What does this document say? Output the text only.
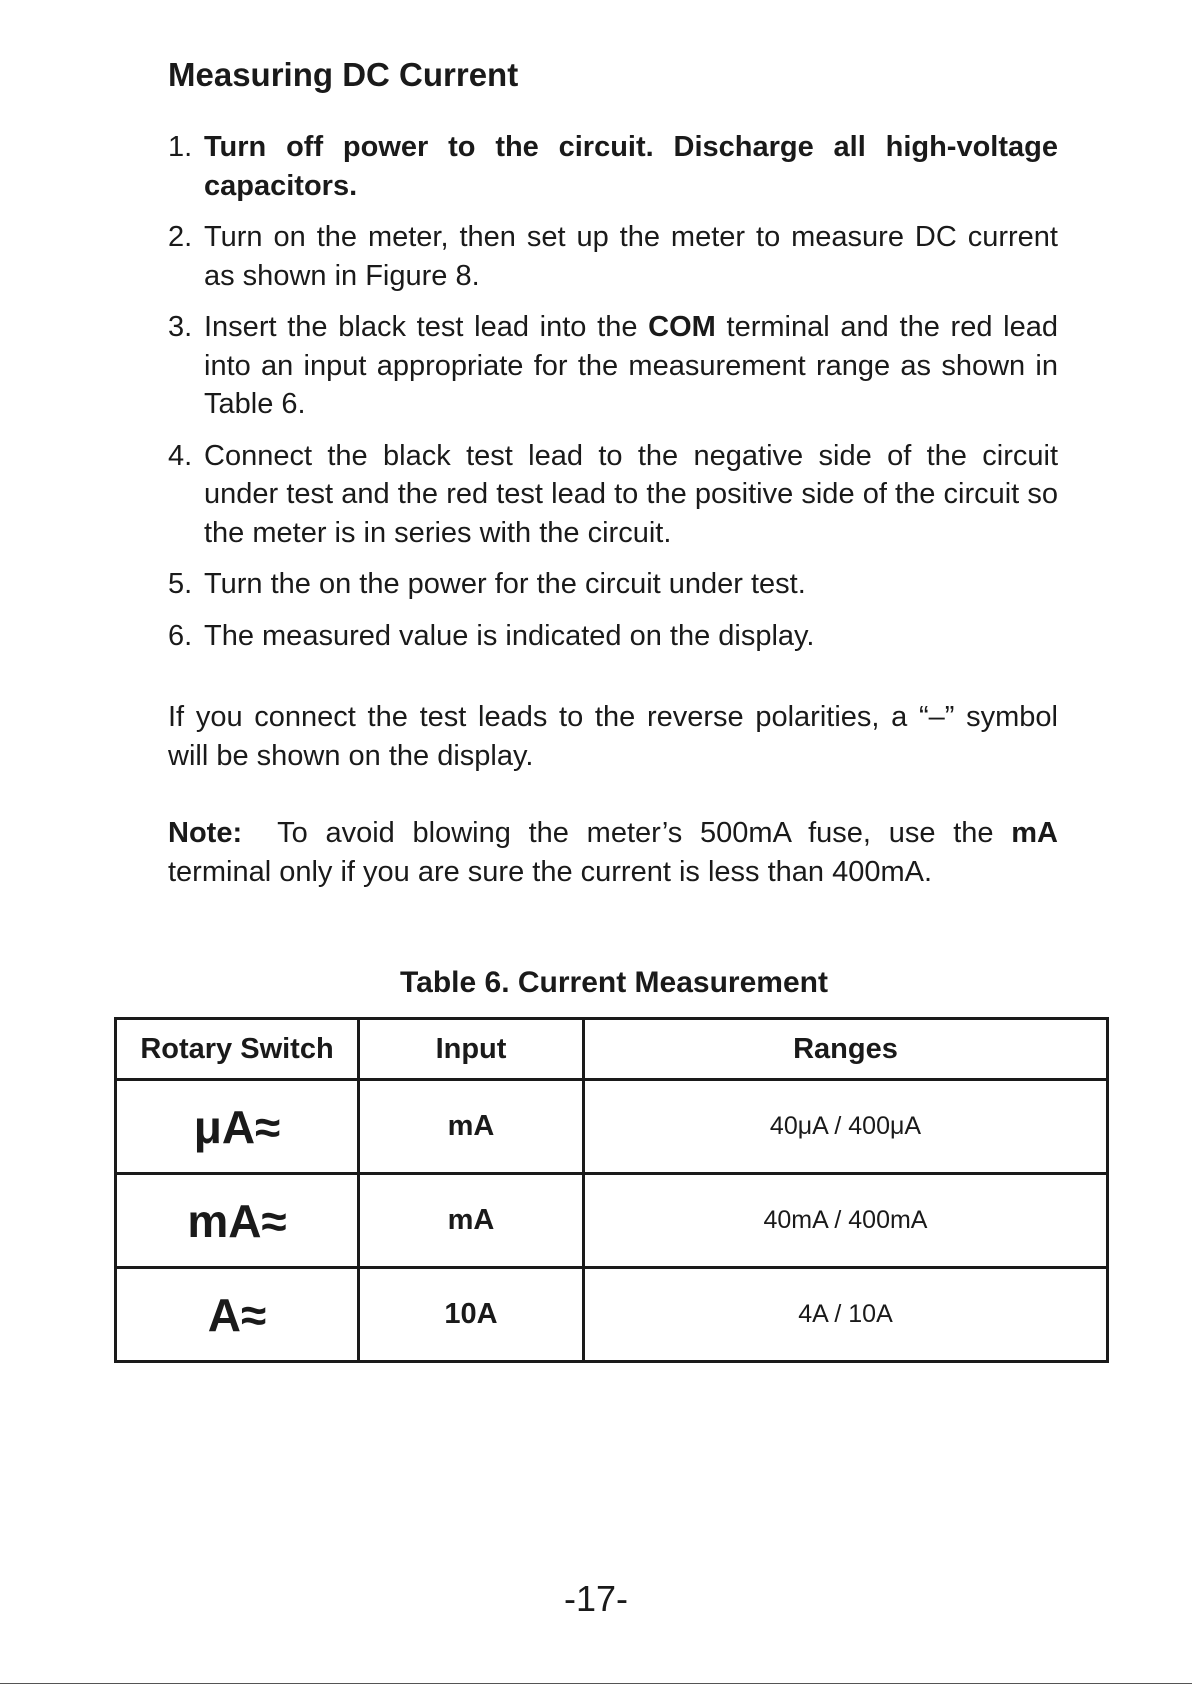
Measuring DC Current
1. Turn off power to the circuit. Discharge all high-voltage capacitors.
2. Turn on the meter, then set up the meter to measure DC current as shown in Figure 8.
3. Insert the black test lead into the COM terminal and the red lead into an input appropriate for the measurement range as shown in Table 6.
4. Connect the black test lead to the negative side of the circuit under test and the red test lead to the positive side of the circuit so the meter is in series with the circuit.
5. Turn the on the power for the circuit under test.
6. The measured value is indicated on the display.

If you connect the test leads to the reverse polarities, a “–” symbol will be shown on the display.

Note:  To avoid blowing the meter’s 500mA fuse, use the mA terminal only if you are sure the current is less than 400mA.

Table 6. Current Measurement

Rotary Switch	Input	Ranges
μA≈	mA	40μA / 400μA
mA≈	mA	40mA / 400mA
A≈	10A	4A / 10A

-17-
